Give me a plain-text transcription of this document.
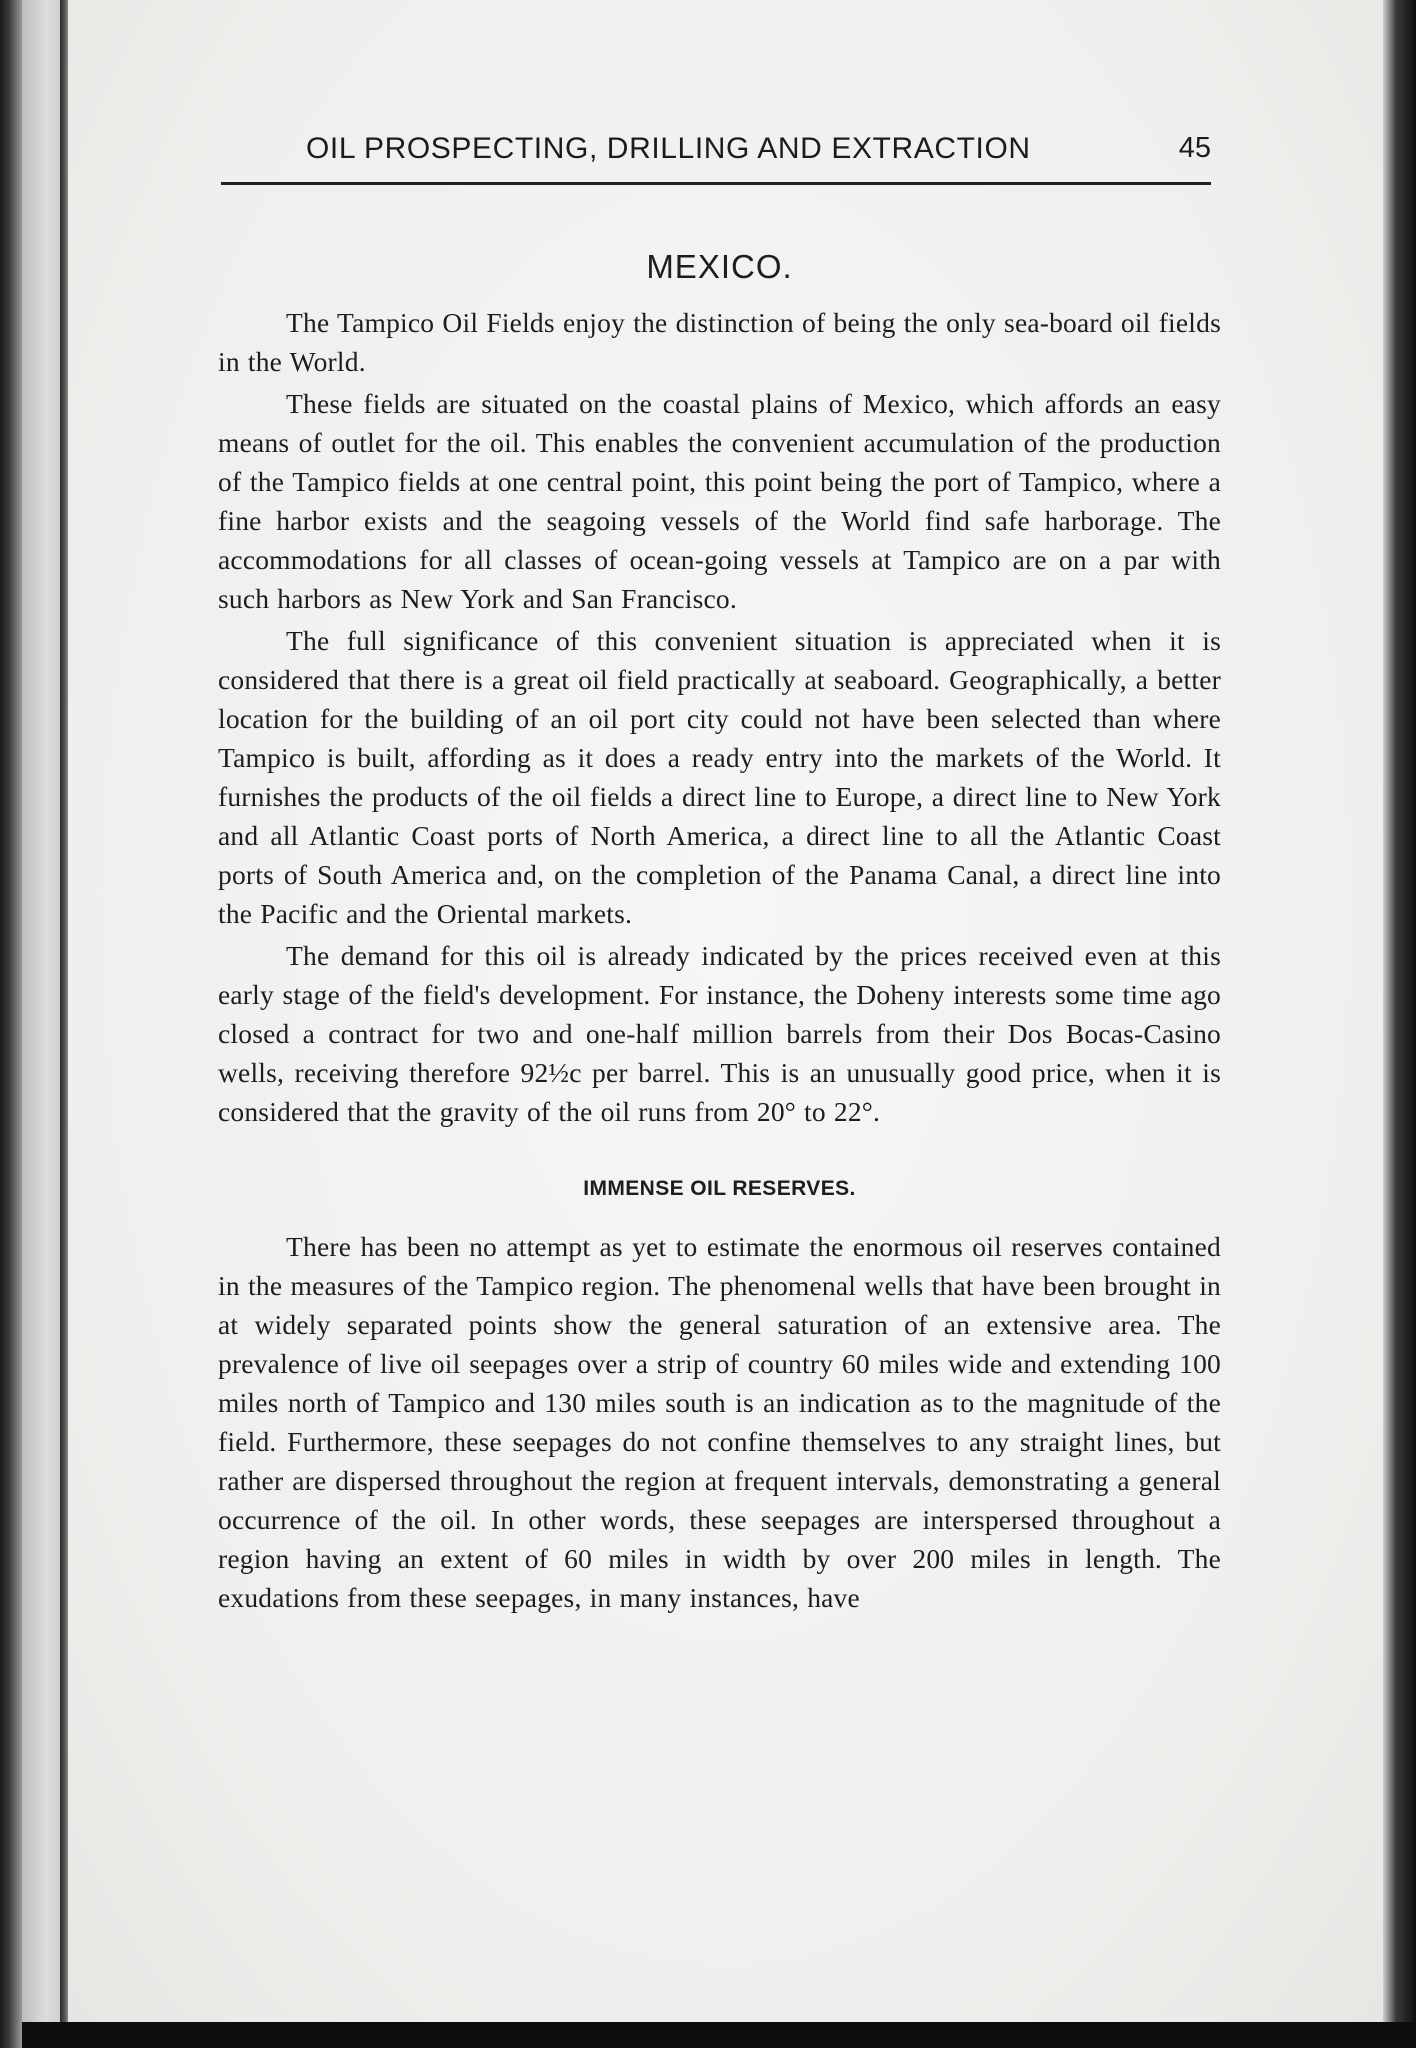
OIL PROSPECTING, DRILLING AND EXTRACTION	45
MEXICO.

The Tampico Oil Fields enjoy the distinction of being the only sea-board oil fields in the World.

These fields are situated on the coastal plains of Mexico, which affords an easy means of outlet for the oil. This enables the convenient accumulation of the production of the Tampico fields at one central point, this point being the port of Tampico, where a fine harbor exists and the seagoing vessels of the World find safe harborage. The accommodations for all classes of ocean-going vessels at Tampico are on a par with such harbors as New York and San Francisco.

The full significance of this convenient situation is appreciated when it is considered that there is a great oil field practically at seaboard. Geographically, a better location for the building of an oil port city could not have been selected than where Tampico is built, affording as it does a ready entry into the markets of the World. It furnishes the products of the oil fields a direct line to Europe, a direct line to New York and all Atlantic Coast ports of North America, a direct line to all the Atlantic Coast ports of South America and, on the completion of the Panama Canal, a direct line into the Pacific and the Oriental markets.

The demand for this oil is already indicated by the prices received even at this early stage of the field's development. For instance, the Doheny interests some time ago closed a contract for two and one-half million barrels from their Dos Bocas-Casino wells, receiving therefore 92½c per barrel. This is an unusually good price, when it is considered that the gravity of the oil runs from 20° to 22°.

IMMENSE OIL RESERVES.

There has been no attempt as yet to estimate the enormous oil reserves contained in the measures of the Tampico region. The phenomenal wells that have been brought in at widely separated points show the general saturation of an extensive area. The prevalence of live oil seepages over a strip of country 60 miles wide and extending 100 miles north of Tampico and 130 miles south is an indication as to the magnitude of the field. Furthermore, these seepages do not confine themselves to any straight lines, but rather are dispersed throughout the region at frequent intervals, demonstrating a general occurrence of the oil. In other words, these seepages are interspersed throughout a region having an extent of 60 miles in width by over 200 miles in length. The exudations from these seepages, in many instances, have
